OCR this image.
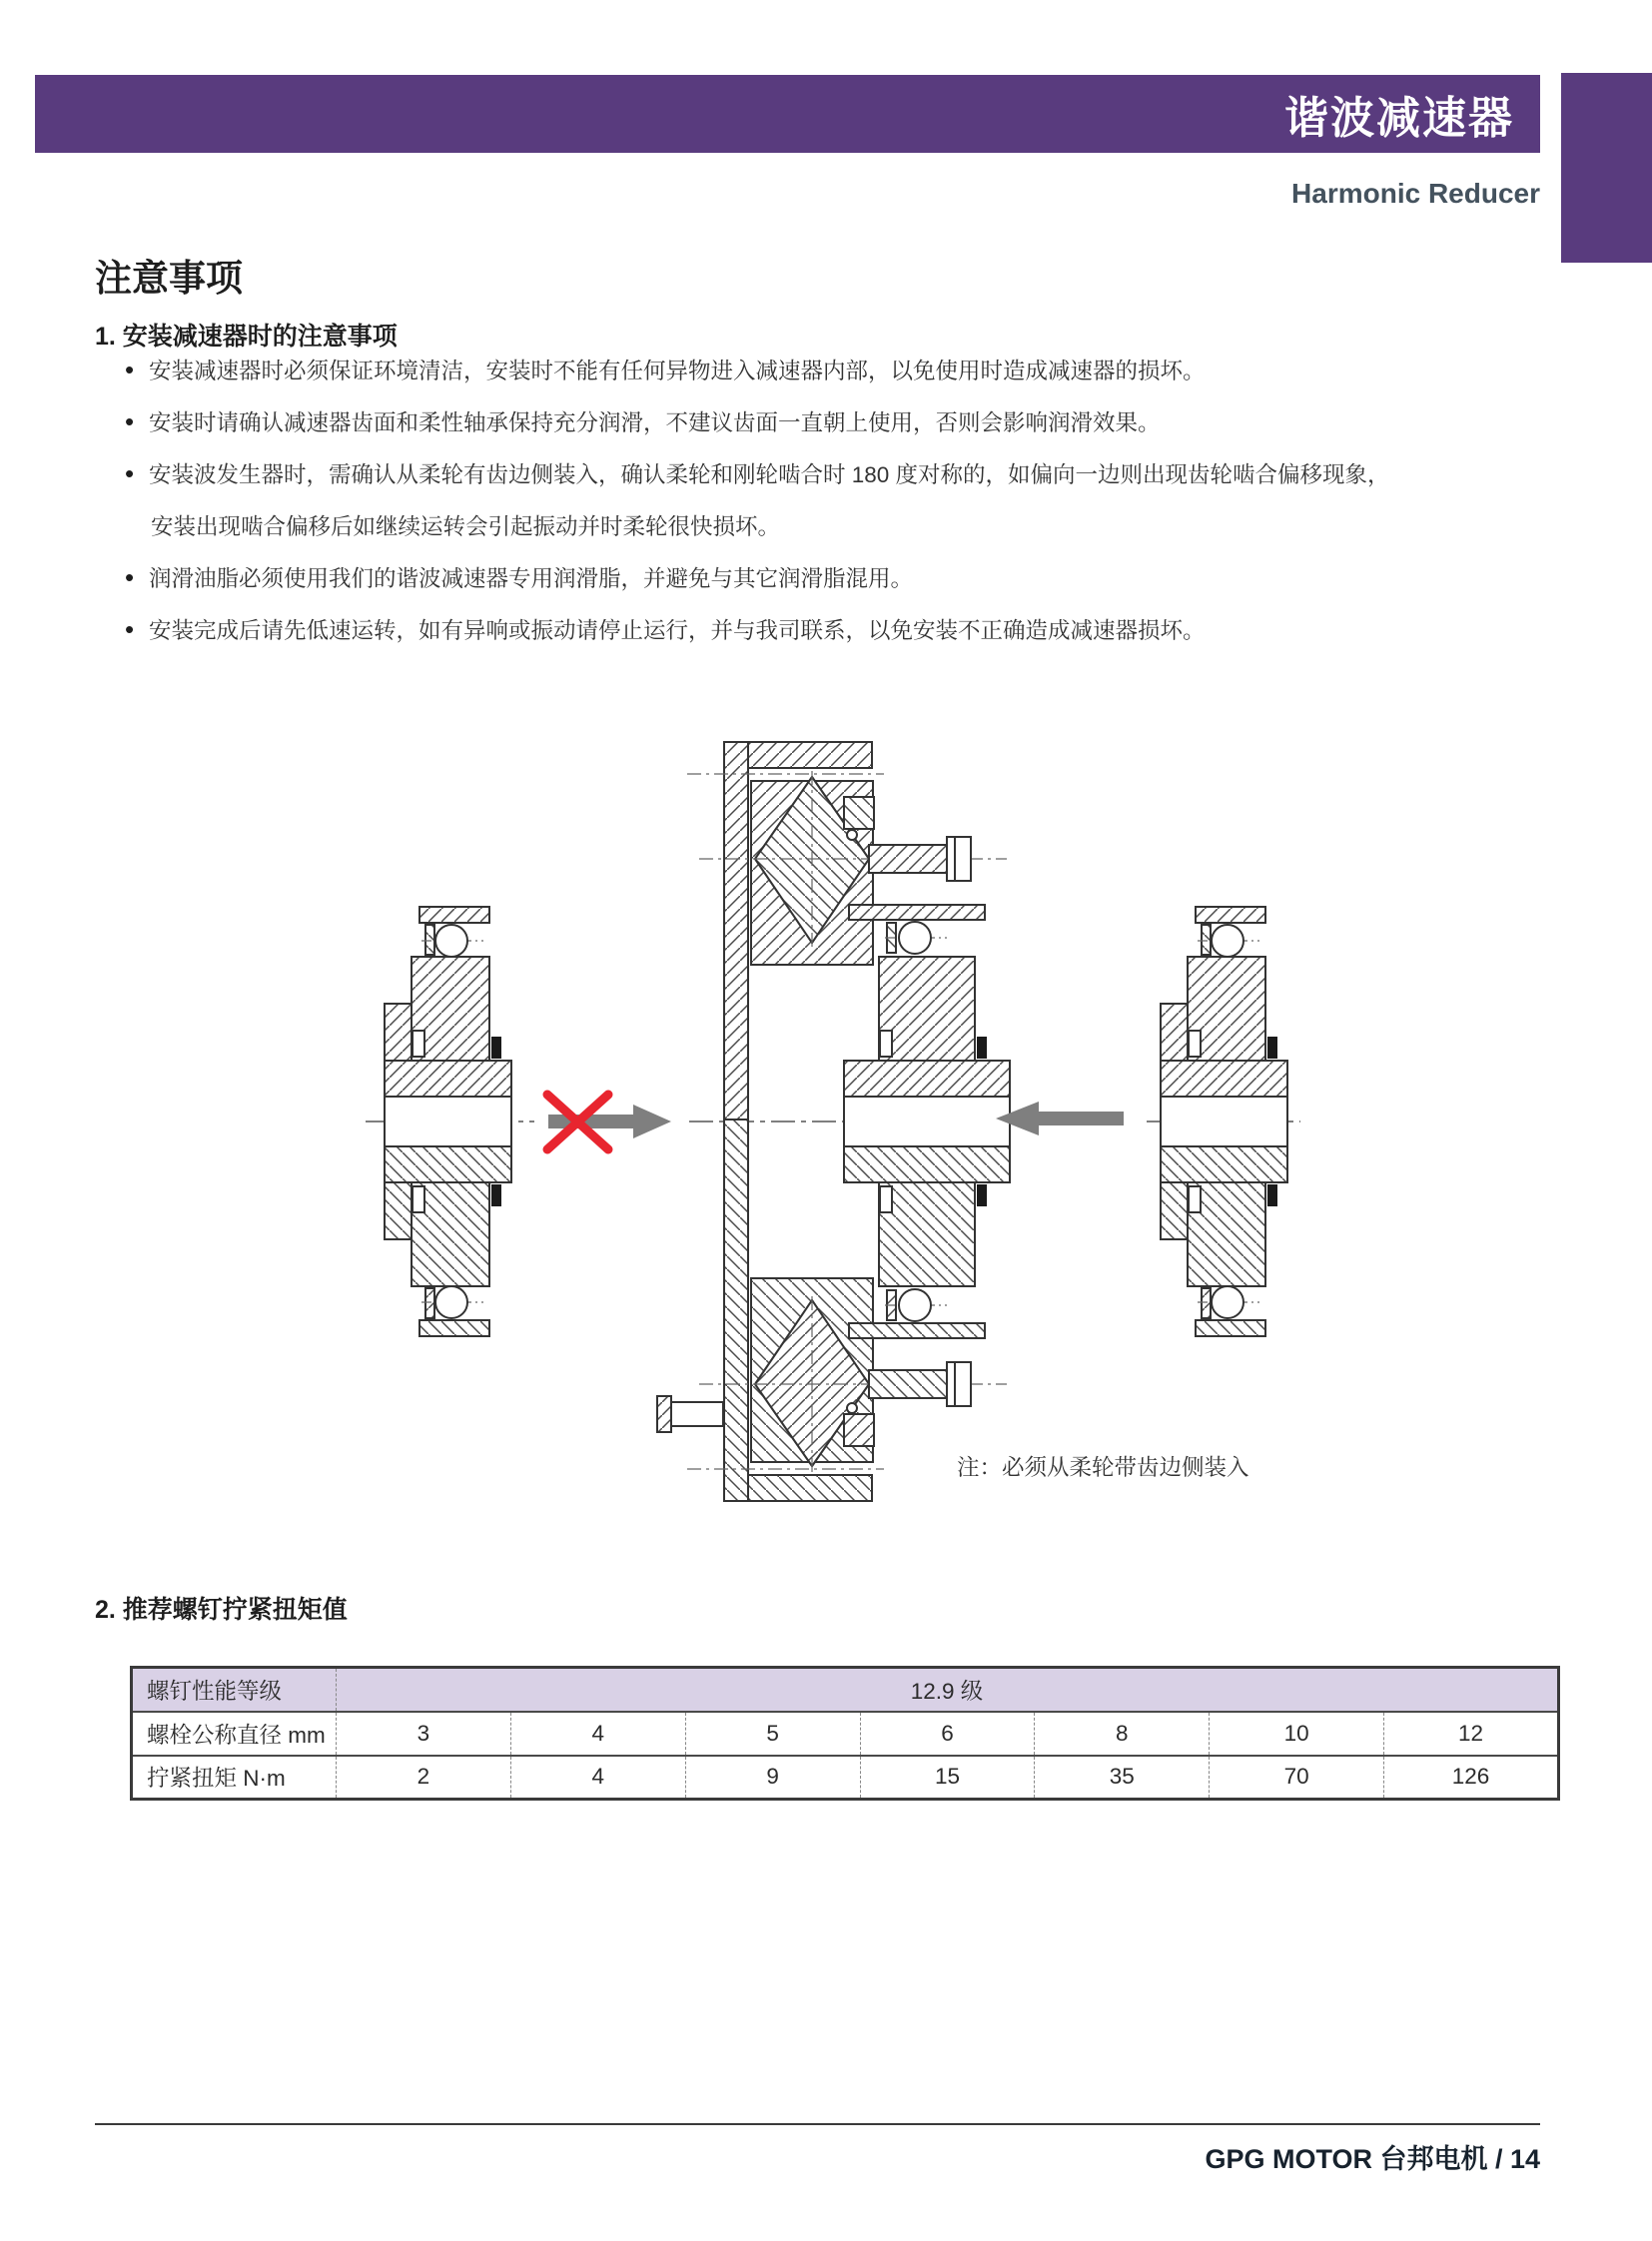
谐波减速器
Harmonic Reducer
注意事项
1. 安装减速器时的注意事项
• 安装减速器时必须保证环境清洁，安装时不能有任何异物进入减速器内部，以免使用时造成减速器的损坏。
• 安装时请确认减速器齿面和柔性轴承保持充分润滑，不建议齿面一直朝上使用，否则会影响润滑效果。
• 安装波发生器时，需确认从柔轮有齿边侧装入，确认柔轮和刚轮啮合时 180 度对称的，如偏向一边则出现齿轮啮合偏移现象，
安装出现啮合偏移后如继续运转会引起振动并时柔轮很快损坏。
• 润滑油脂必须使用我们的谐波减速器专用润滑脂，并避免与其它润滑脂混用。
• 安装完成后请先低速运转，如有异响或振动请停止运行，并与我司联系，以免安装不正确造成减速器损坏。
注：必须从柔轮带齿边侧装入
2. 推荐螺钉拧紧扭矩值
螺钉性能等级	12.9 级						
螺栓公称直径 mm	3	4	5	6	8	10	12
拧紧扭矩 N·m	2	4	9	15	35	70	126
GPG MOTOR 台邦电机 / 14
